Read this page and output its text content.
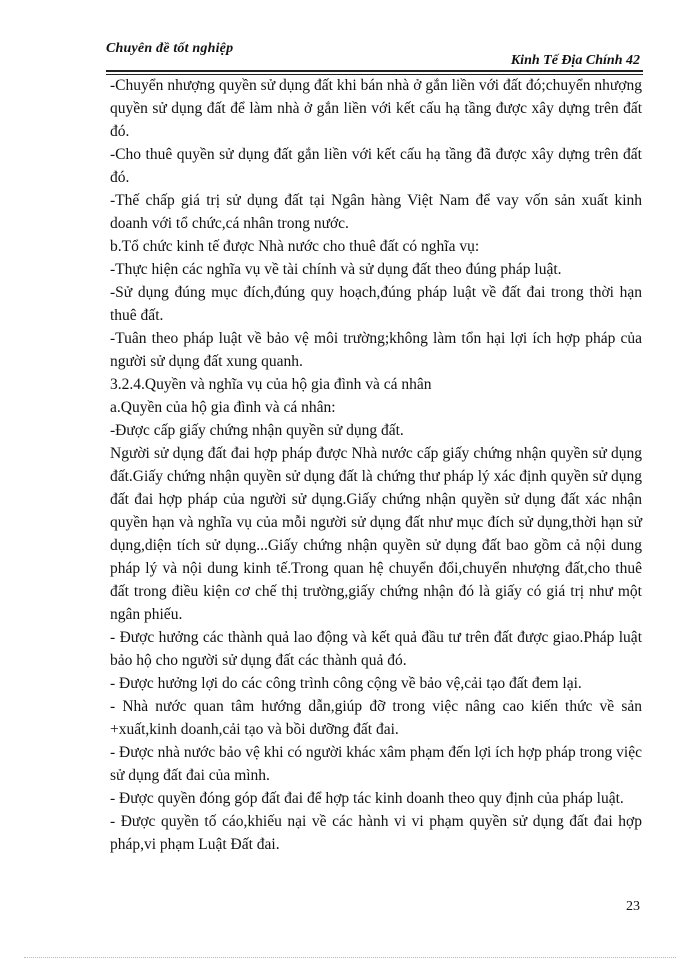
Chuyên đề tốt nghiệp
Kinh Tế Địa Chính 42

-Chuyển nhượng quyền sử dụng đất khi bán nhà ở gắn liền với đất đó;chuyển nhượng quyền sử dụng đất để làm nhà ở gắn liền với kết cấu hạ tầng được xây dựng trên đất đó.

-Cho thuê quyền sử dụng đất gắn liền với kết cấu hạ tầng đã được xây dựng trên đất đó.

-Thế chấp giá trị sử dụng đất tại Ngân hàng Việt Nam để vay vốn sản xuất kinh doanh với tổ chức,cá nhân trong nước.

b.Tổ chức kinh tế được Nhà nước cho thuê đất có nghĩa vụ:

-Thực hiện các nghĩa vụ về tài chính và sử dụng đất theo đúng pháp luật.

-Sử dụng đúng mục đích,đúng quy hoạch,đúng pháp luật về đất đai trong thời hạn thuê đất.

-Tuân theo pháp luật về bảo vệ môi trường;không làm tổn hại lợi ích hợp pháp của người sử dụng đất xung quanh.

3.2.4.Quyền và nghĩa vụ của hộ gia đình và cá nhân

a.Quyền của hộ gia đình và cá nhân:

-Được cấp giấy chứng nhận quyền sử dụng đất.

Người sử dụng đất đai hợp pháp được Nhà nước cấp giấy chứng nhận quyền sử dụng đất.Giấy chứng nhận quyền sử dụng đất là chứng thư pháp lý xác định quyền sử dụng đất đai hợp pháp của người sử dụng.Giấy chứng nhận quyền sử dụng đất xác nhận quyền hạn và nghĩa vụ của mỗi người sử dụng đất như mục đích sử dụng,thời hạn sử dụng,diện tích sử dụng...Giấy chứng nhận quyền sử dụng đất bao gồm cả nội dung pháp lý và nội dung kinh tế.Trong quan hệ chuyển đổi,chuyển nhượng đất,cho thuê đất trong điều kiện cơ chế thị trường,giấy chứng nhận đó là giấy có giá trị như một ngân phiếu.

- Được hưởng các thành quả lao động và kết quả đầu tư trên đất được giao.Pháp luật bảo hộ cho người sử dụng đất các thành quả đó.

- Được hưởng lợi do các công trình công cộng về bảo vệ,cải tạo đất đem lại.

- Nhà nước quan tâm hướng dẫn,giúp đỡ trong việc nâng cao kiến thức về sản +xuất,kinh doanh,cải tạo và bồi dưỡng đất đai.

- Được nhà nước bảo vệ khi có người khác xâm phạm đến lợi ích hợp pháp trong việc sử dụng đất đai của mình.

- Được quyền đóng góp đất đai để hợp tác kinh doanh theo quy định của pháp luật.

- Được quyền tố cáo,khiếu nại về các hành vi vi phạm quyền sử dụng đất đai hợp pháp,vi phạm Luật Đất đai.

23
